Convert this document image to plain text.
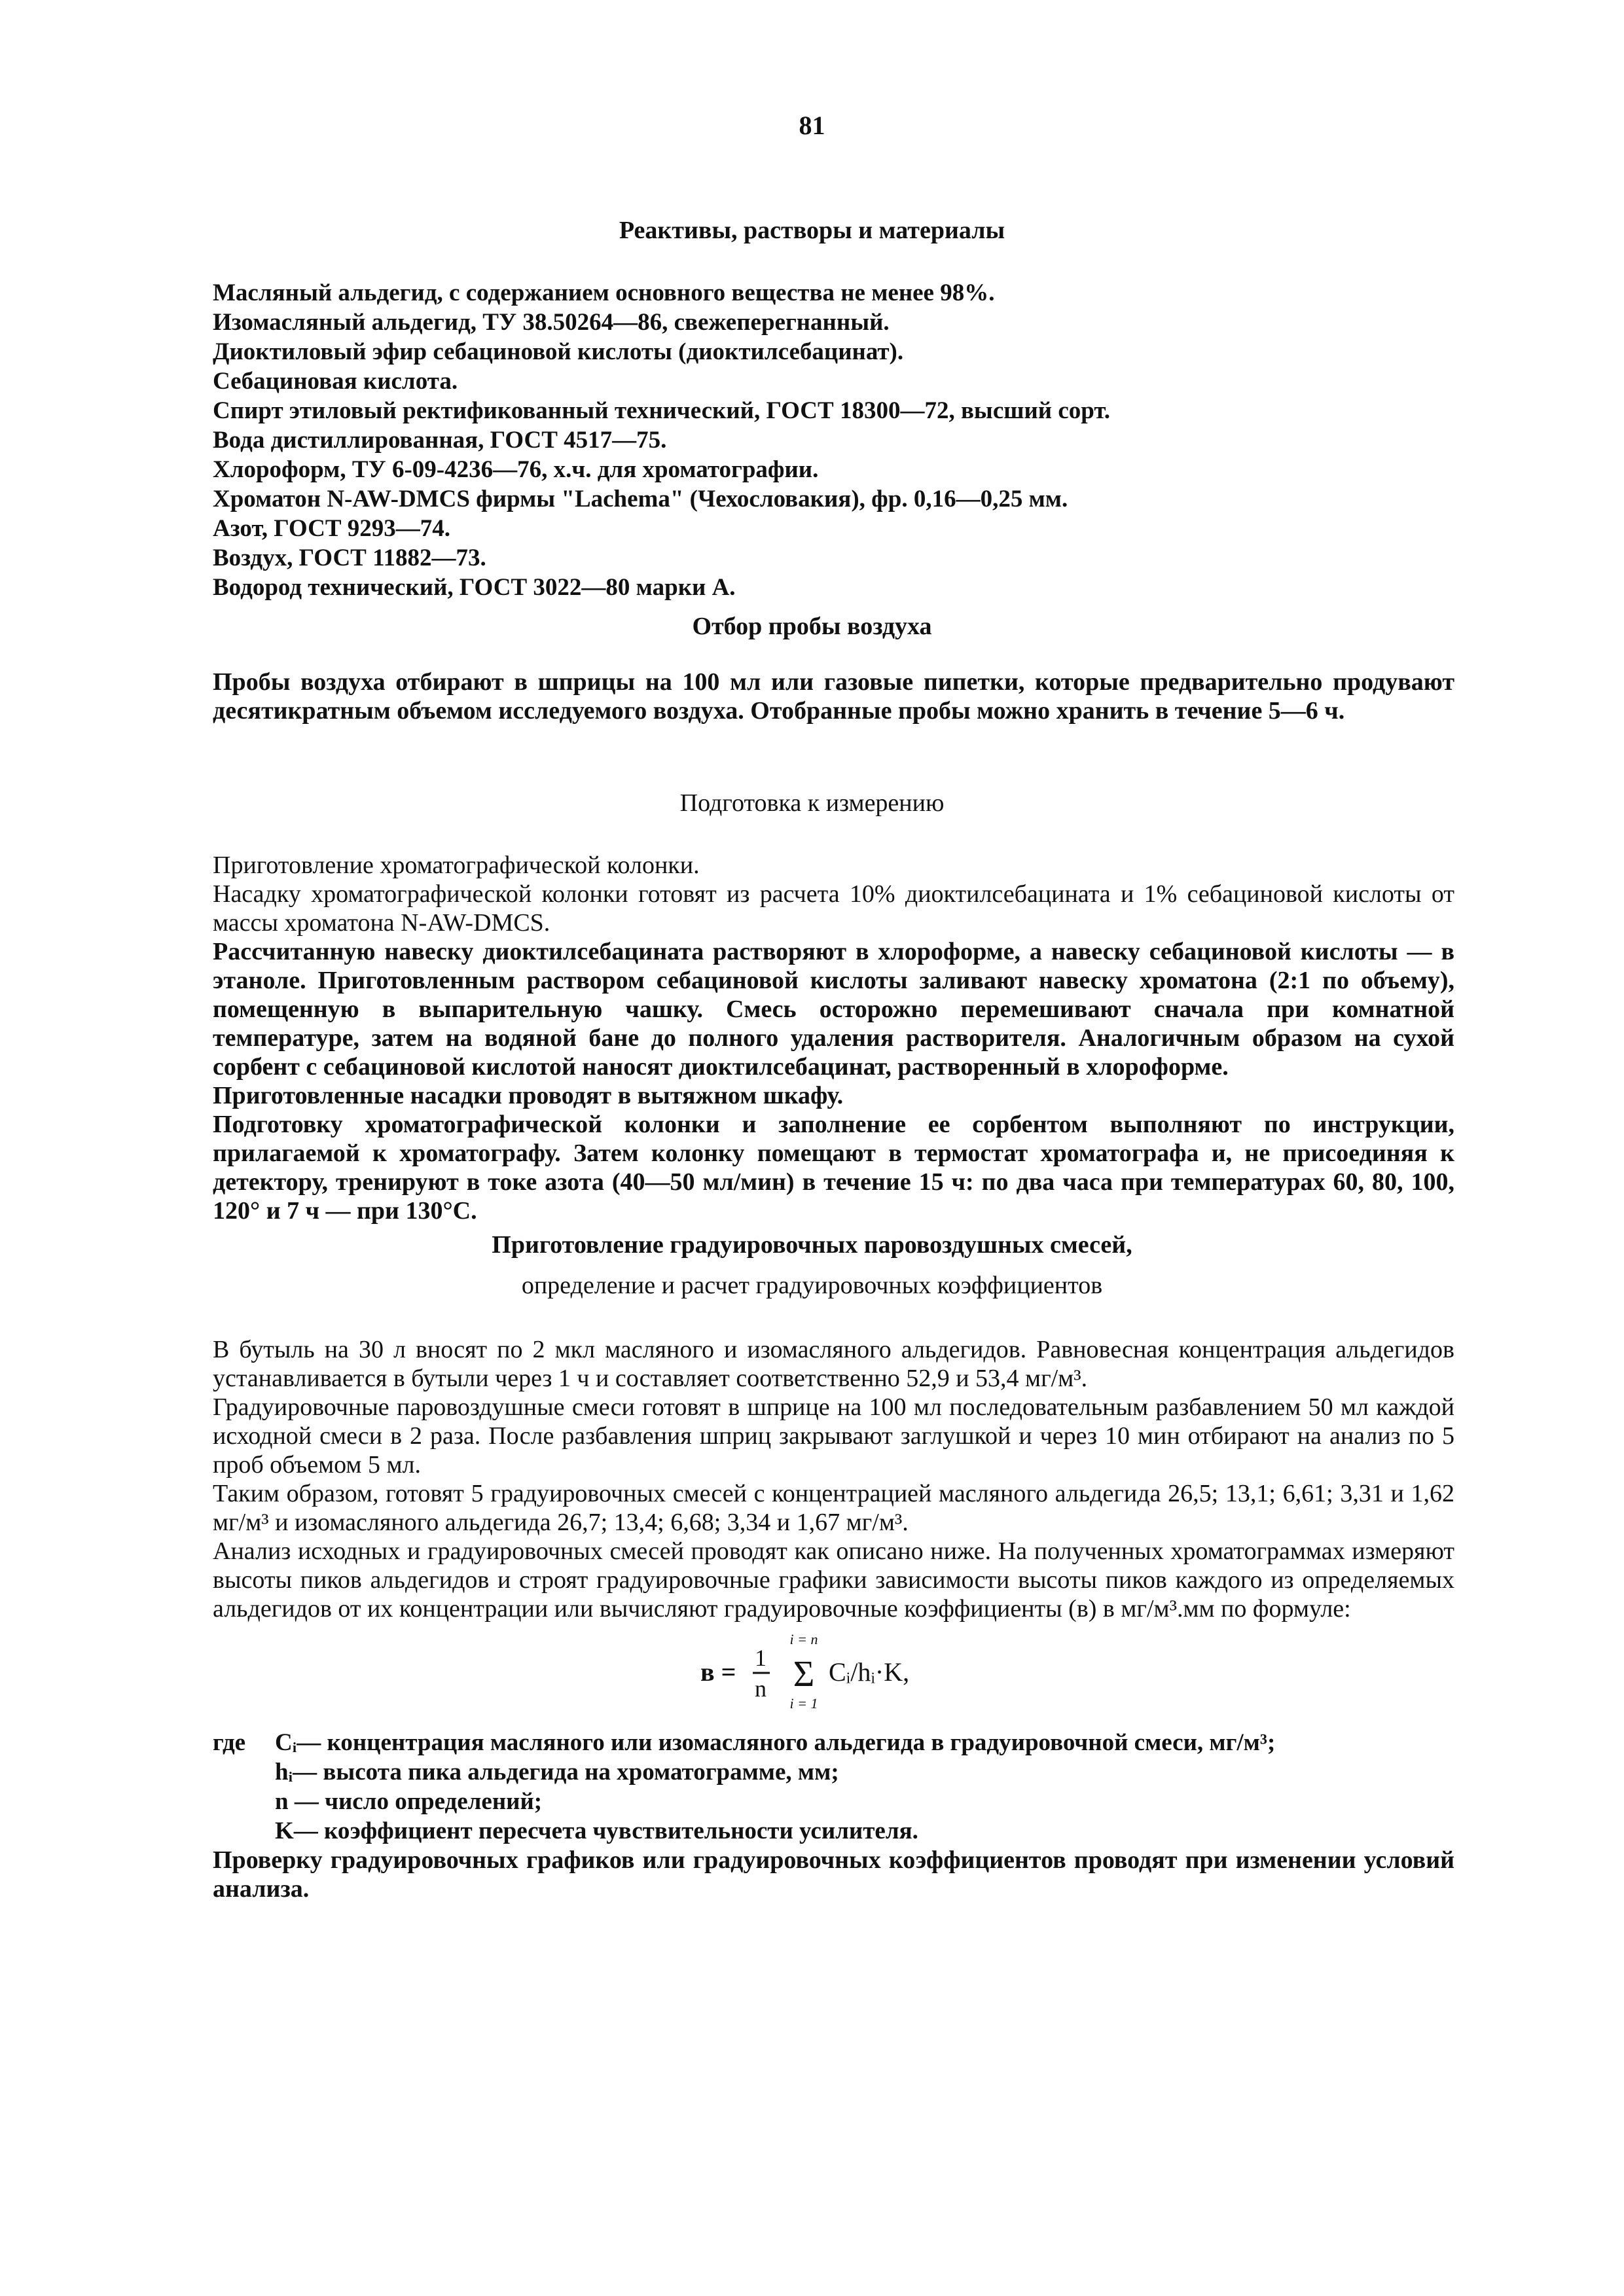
81
Реактивы, растворы и материалы
Масляный альдегид, с содержанием основного вещества не менее 98%.
Изомасляный альдегид, ТУ 38.50264—86, свежеперегнанный.
Диоктиловый эфир себациновой кислоты (диоктилсебацинат).
Себациновая кислота.
Спирт этиловый ректификованный технический, ГОСТ 18300—72, высший сорт.
Вода дистиллированная, ГОСТ 4517—75.
Хлороформ, ТУ 6-09-4236—76, х.ч. для хроматографии.
Хроматон N-AW-DMCS фирмы "Lachema" (Чехословакия), фр. 0,16—0,25 мм.
Азот, ГОСТ 9293—74.
Воздух, ГОСТ 11882—73.
Водород технический, ГОСТ 3022—80 марки А.
Отбор пробы воздуха

Пробы воздуха отбирают в шприцы на 100 мл или газовые пипетки, которые предварительно продувают десятикратным объемом исследуемого воздуха. Отобранные пробы можно хранить в течение 5—6 ч.

Подготовка к измерению

Приготовление хроматографической колонки.

Насадку хроматографической колонки готовят из расчета 10% диоктилсебацината и 1% себациновой кислоты от массы хроматона N-AW-DMCS.

Рассчитанную навеску диоктилсебацината растворяют в хлороформе, а навеску себациновой кислоты — в этаноле. Приготовленным раствором себациновой кислоты заливают навеску хроматона (2:1 по объему), помещенную в выпарительную чашку. Смесь осторожно перемешивают сначала при комнатной температуре, затем на водяной бане до полного удаления растворителя. Аналогичным образом на сухой сорбент с себациновой кислотой наносят диоктилсебацинат, растворенный в хлороформе.

Приготовленные насадки проводят в вытяжном шкафу.

Подготовку хроматографической колонки и заполнение ее сорбентом выполняют по инструкции, прилагаемой к хроматографу. Затем колонку помещают в термостат хроматографа и, не присоединяя к детектору, тренируют в токе азота (40—50 мл/мин) в течение 15 ч: по два часа при температурах 60, 80, 100, 120° и 7 ч — при 130°С.

Приготовление градуировочных паровоздушных смесей,
определение и расчет градуировочных коэффициентов

В бутыль на 30 л вносят по 2 мкл масляного и изомасляного альдегидов. Равновесная концентрация альдегидов устанавливается в бутыли через 1 ч и составляет соответственно 52,9 и 53,4 мг/м³.

Градуировочные паровоздушные смеси готовят в шприце на 100 мл последовательным разбавлением 50 мл каждой исходной смеси в 2 раза. После разбавления шприц закрывают заглушкой и через 10 мин отбирают на анализ по 5 проб объемом 5 мл.

Таким образом, готовят 5 градуировочных смесей с концентрацией масляного альдегида 26,5; 13,1; 6,61; 3,31 и 1,62 мг/м³ и изомасляного альдегида 26,7; 13,4; 6,68; 3,34 и 1,67 мг/м³.

Анализ исходных и градуировочных смесей проводят как описано ниже. На полученных хроматограммах измеряют высоты пиков альдегидов и строят градуировочные графики зависимости высоты пиков каждого из определяемых альдегидов от их концентрации или вычисляют градуировочные коэффициенты (в) в мг/м³.мм по формуле:

в = 1
n
i = n
Σ
i = 1
Cᵢ/hᵢ·K,
где Cᵢ— концентрация масляного или изомасляного альдегида в градуировочной смеси, мг/м³;
hᵢ— высота пика альдегида на хроматограмме, мм;
n — число определений;
K— коэффициент пересчета чувствительности усилителя.
Проверку градуировочных графиков или градуировочных коэффициентов проводят при изменении условий анализа.
